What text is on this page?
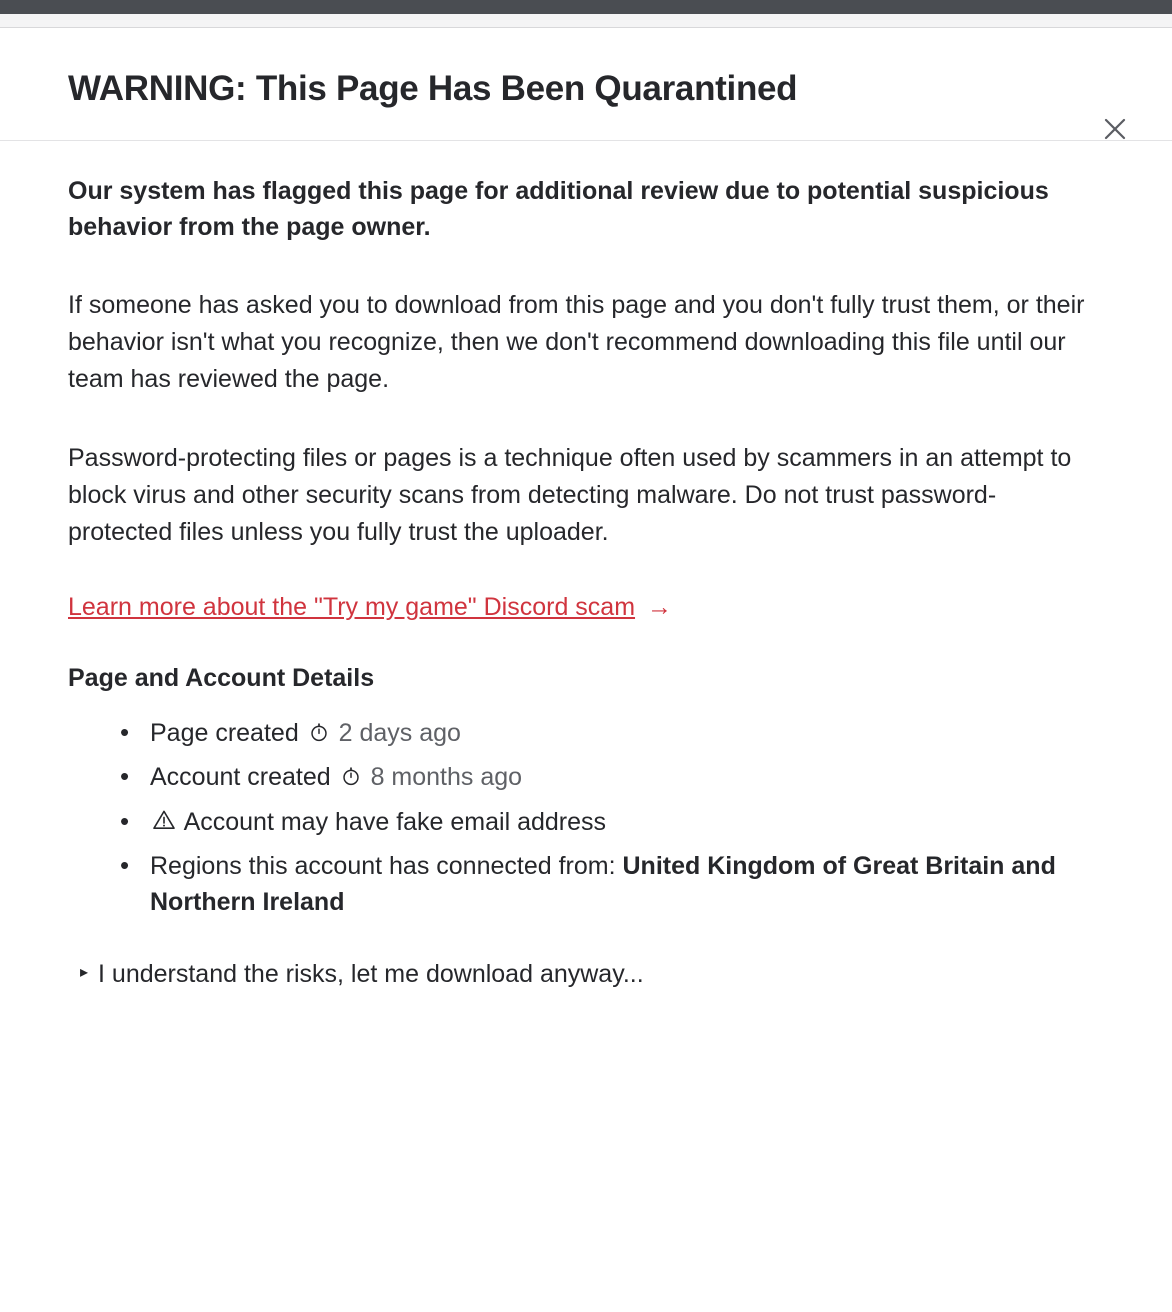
WARNING: This Page Has Been Quarantined

Our system has flagged this page for additional review due to potential suspicious behavior from the page owner.

If someone has asked you to download from this page and you don't fully trust them, or their behavior isn't what you recognize, then we don't recommend downloading this file until our team has reviewed the page.

Password-protecting files or pages is a technique often used by scammers in an attempt to block virus and other security scans from detecting malware. Do not trust password-protected files unless you fully trust the uploader.

Learn more about the "Try my game" Discord scam →
Page and Account Details
• Page created 2 days ago
• Account created 8 months ago
• Account may have fake email address
• Regions this account has connected from: United Kingdom of Great Britain and Northern Ireland
▸ I understand the risks, let me download anyway...
